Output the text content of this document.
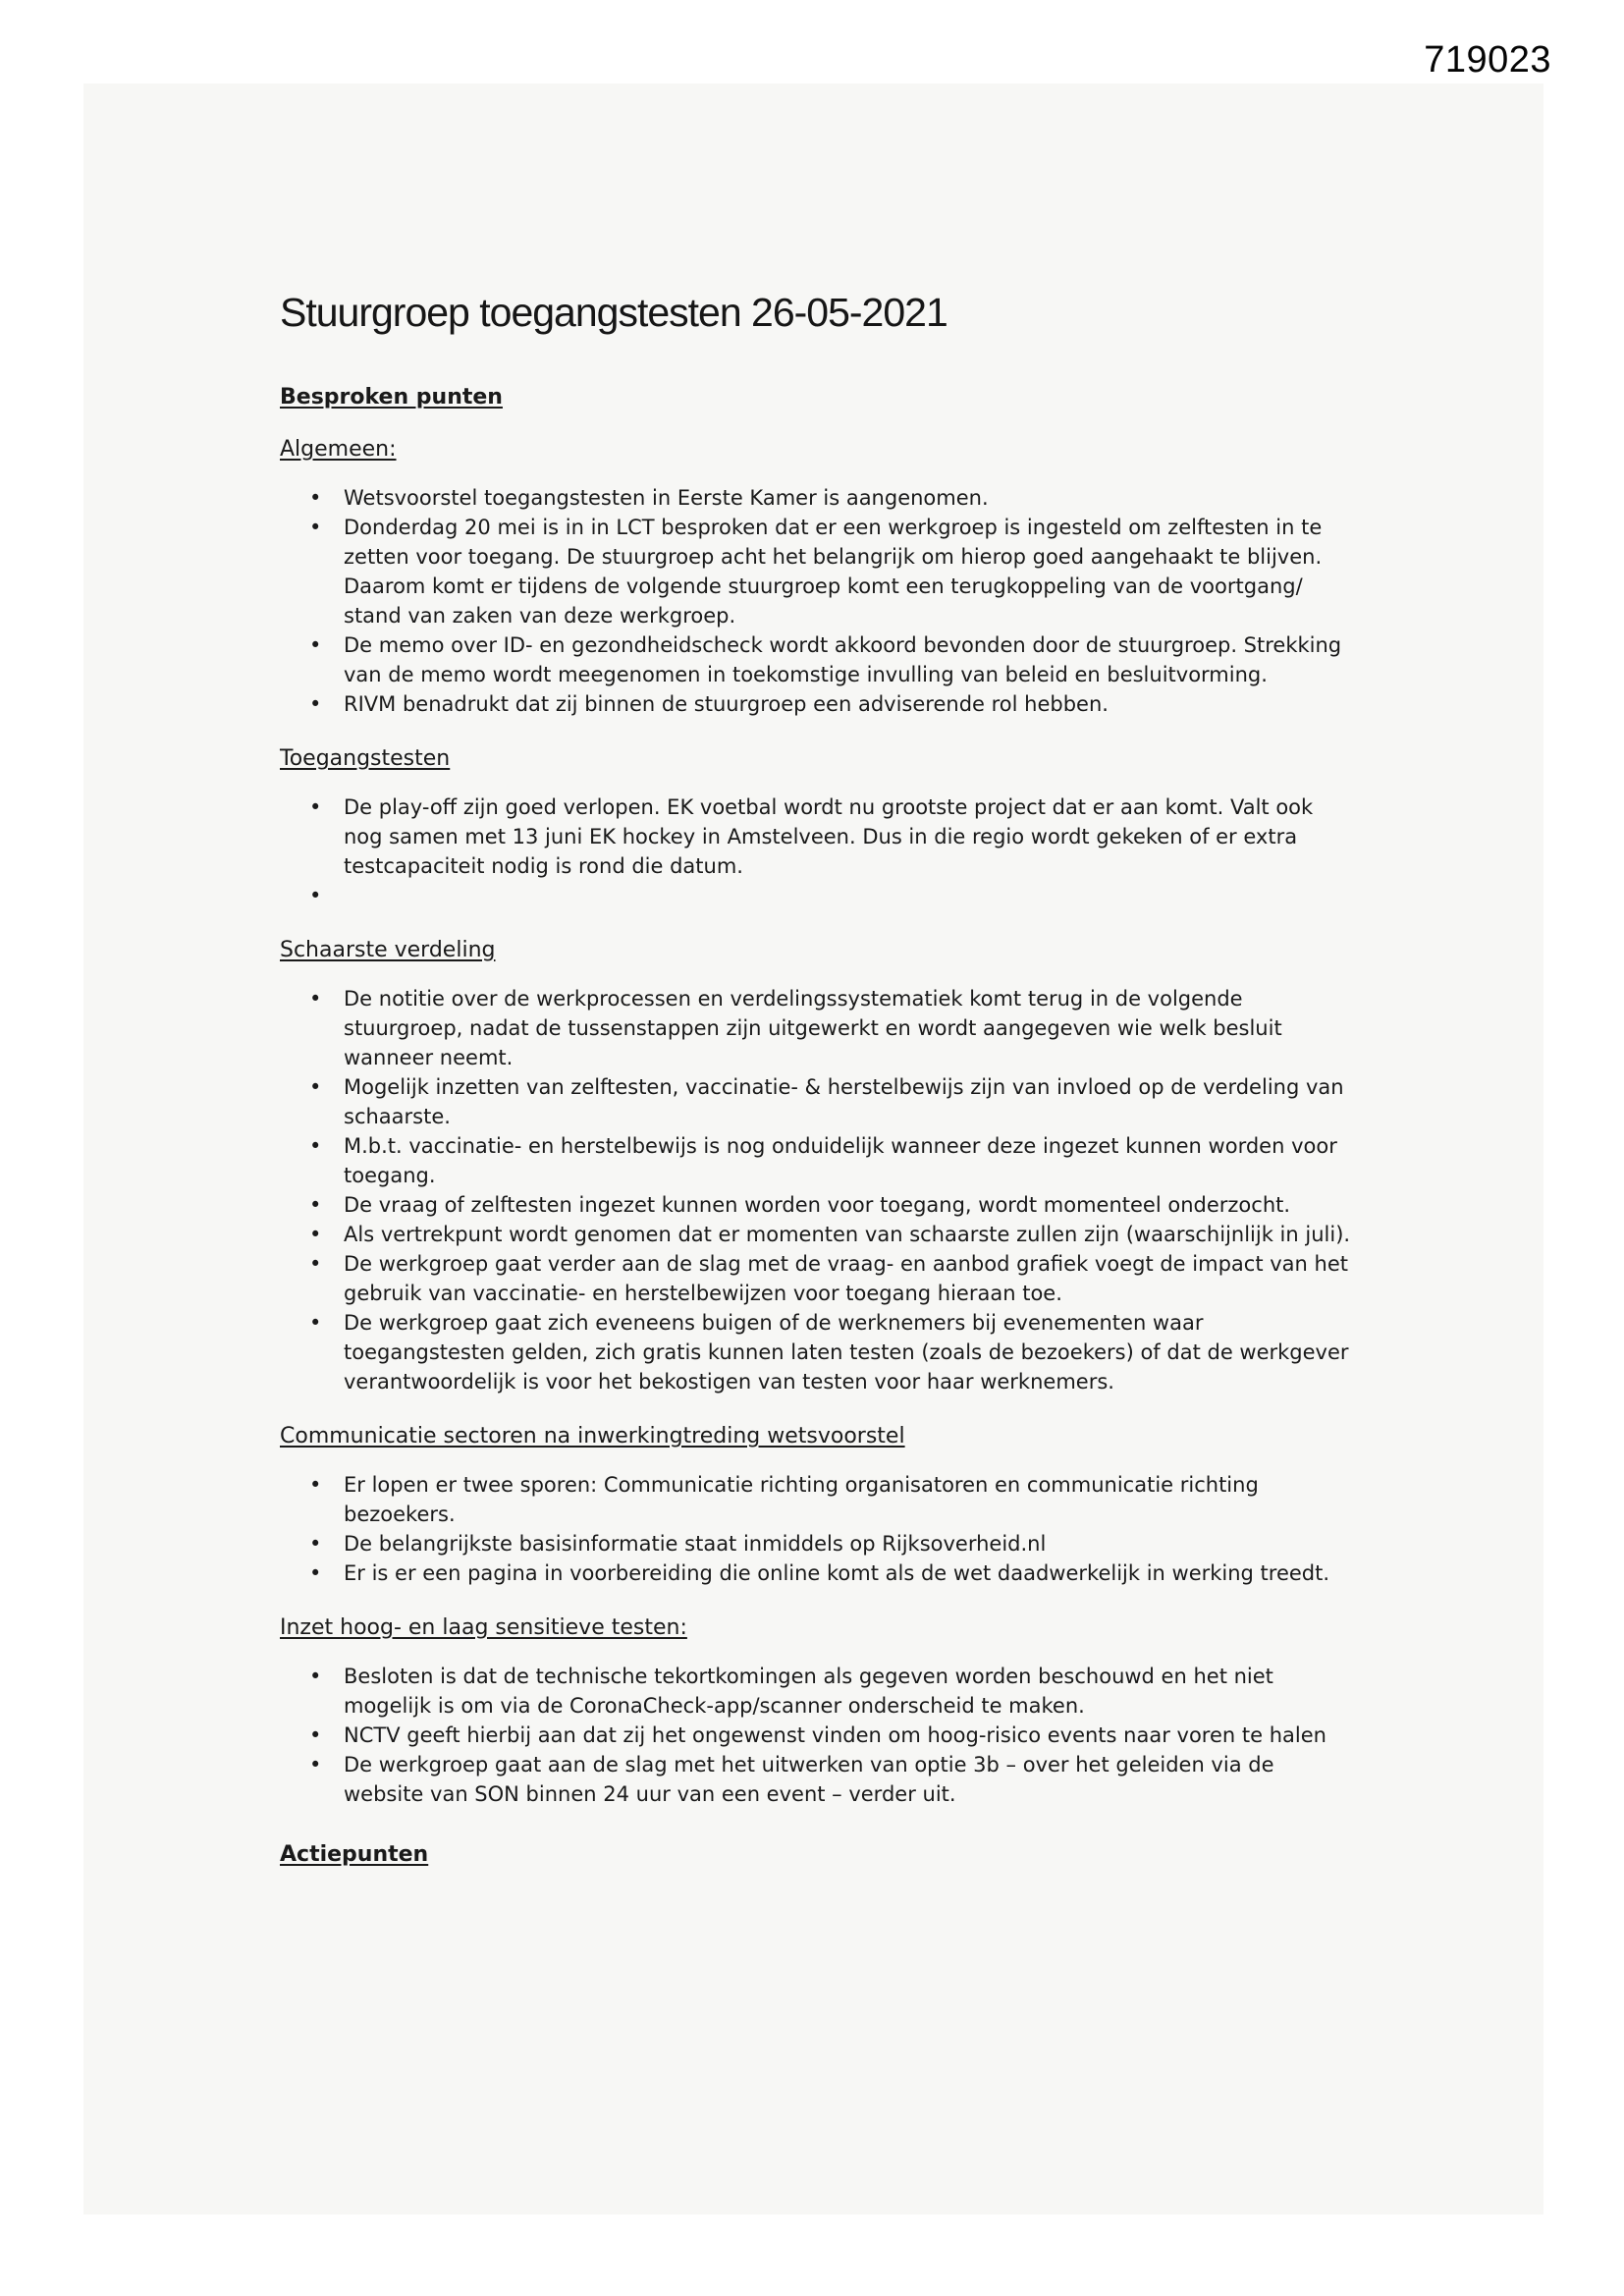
719023
Stuurgroep toegangstesten 26-05-2021
Besproken punten
Algemeen:
• Wetsvoorstel toegangstesten in Eerste Kamer is aangenomen.
• Donderdag 20 mei is in in LCT besproken dat er een werkgroep is ingesteld om zelftesten in te zetten voor toegang. De stuurgroep acht het belangrijk om hierop goed aangehaakt te blijven. Daarom komt er tijdens de volgende stuurgroep komt een terugkoppeling van de voortgang/ stand van zaken van deze werkgroep.
• De memo over ID- en gezondheidscheck wordt akkoord bevonden door de stuurgroep. Strekking van de memo wordt meegenomen in toekomstige invulling van beleid en besluitvorming.
• RIVM benadrukt dat zij binnen de stuurgroep een adviserende rol hebben.
Toegangstesten
• De play-off zijn goed verlopen. EK voetbal wordt nu grootste project dat er aan komt. Valt ook nog samen met 13 juni EK hockey in Amstelveen. Dus in die regio wordt gekeken of er extra testcapaciteit nodig is rond die datum.
•
Schaarste verdeling
• De notitie over de werkprocessen en verdelingssystematiek komt terug in de volgende stuurgroep, nadat de tussenstappen zijn uitgewerkt en wordt aangegeven wie welk besluit wanneer neemt.
• Mogelijk inzetten van zelftesten, vaccinatie- & herstelbewijs zijn van invloed op de verdeling van schaarste.
• M.b.t. vaccinatie- en herstelbewijs is nog onduidelijk wanneer deze ingezet kunnen worden voor toegang.
• De vraag of zelftesten ingezet kunnen worden voor toegang, wordt momenteel onderzocht.
• Als vertrekpunt wordt genomen dat er momenten van schaarste zullen zijn (waarschijnlijk in juli).
• De werkgroep gaat verder aan de slag met de vraag- en aanbod grafiek voegt de impact van het gebruik van vaccinatie- en herstelbewijzen voor toegang hieraan toe.
• De werkgroep gaat zich eveneens buigen of de werknemers bij evenementen waar toegangstesten gelden, zich gratis kunnen laten testen (zoals de bezoekers) of dat de werkgever verantwoordelijk is voor het bekostigen van testen voor haar werknemers.
Communicatie sectoren na inwerkingtreding wetsvoorstel
• Er lopen er twee sporen: Communicatie richting organisatoren en communicatie richting bezoekers.
• De belangrijkste basisinformatie staat inmiddels op Rijksoverheid.nl
• Er is er een pagina in voorbereiding die online komt als de wet daadwerkelijk in werking treedt.
Inzet hoog- en laag sensitieve testen:
• Besloten is dat de technische tekortkomingen als gegeven worden beschouwd en het niet mogelijk is om via de CoronaCheck-app/scanner onderscheid te maken.
• NCTV geeft hierbij aan dat zij het ongewenst vinden om hoog-risico events naar voren te halen
• De werkgroep gaat aan de slag met het uitwerken van optie 3b – over het geleiden via de website van SON binnen 24 uur van een event – verder uit.
Actiepunten
